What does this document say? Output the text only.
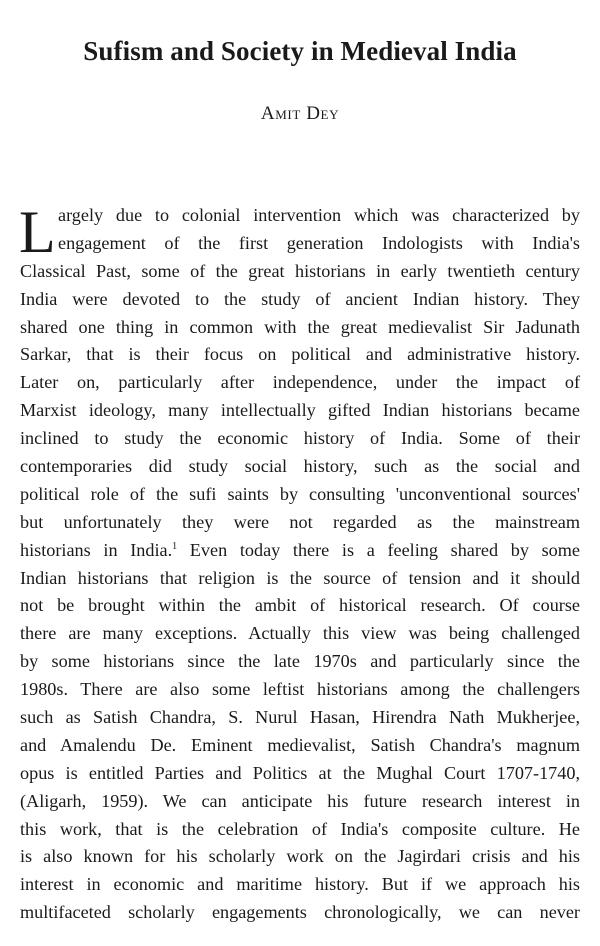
Sufism and Society in Medieval India

Amit Dey

L argely due to colonial intervention which was characterized by
engagement of the first generation Indologists with India's
Classical Past, some of the great historians in early twentieth century
India were devoted to the study of ancient Indian history. They
shared one thing in common with the great medievalist Sir Jadunath
Sarkar, that is their focus on political and administrative history.
Later on, particularly after independence, under the impact of
Marxist ideology, many intellectually gifted Indian historians became
inclined to study the economic history of India. Some of their
contemporaries did study social history, such as the social and
political role of the sufi saints by consulting 'unconventional sources'
but unfortunately they were not regarded as the mainstream
historians in India.$^1$ Even today there is a feeling shared by some
Indian historians that religion is the source of tension and it should
not be brought within the ambit of historical research. Of course
there are many exceptions. Actually this view was being challenged
by some historians since the late 1970s and particularly since the
1980s. There are also some leftist historians among the challengers
such as Satish Chandra, S. Nurul Hasan, Hirendra Nath Mukherjee,
and Amalendu De. Eminent medievalist, Satish Chandra's magnum
opus is entitled Parties and Politics at the Mughal Court 1707-1740,
(Aligarh, 1959). We can anticipate his future research interest in
this work, that is the celebration of India's composite culture. He
is also known for his scholarly work on the Jagirdari crisis and his
interest in economic and maritime history. But if we approach his
multifaceted scholarly engagements chronologically, we can never
